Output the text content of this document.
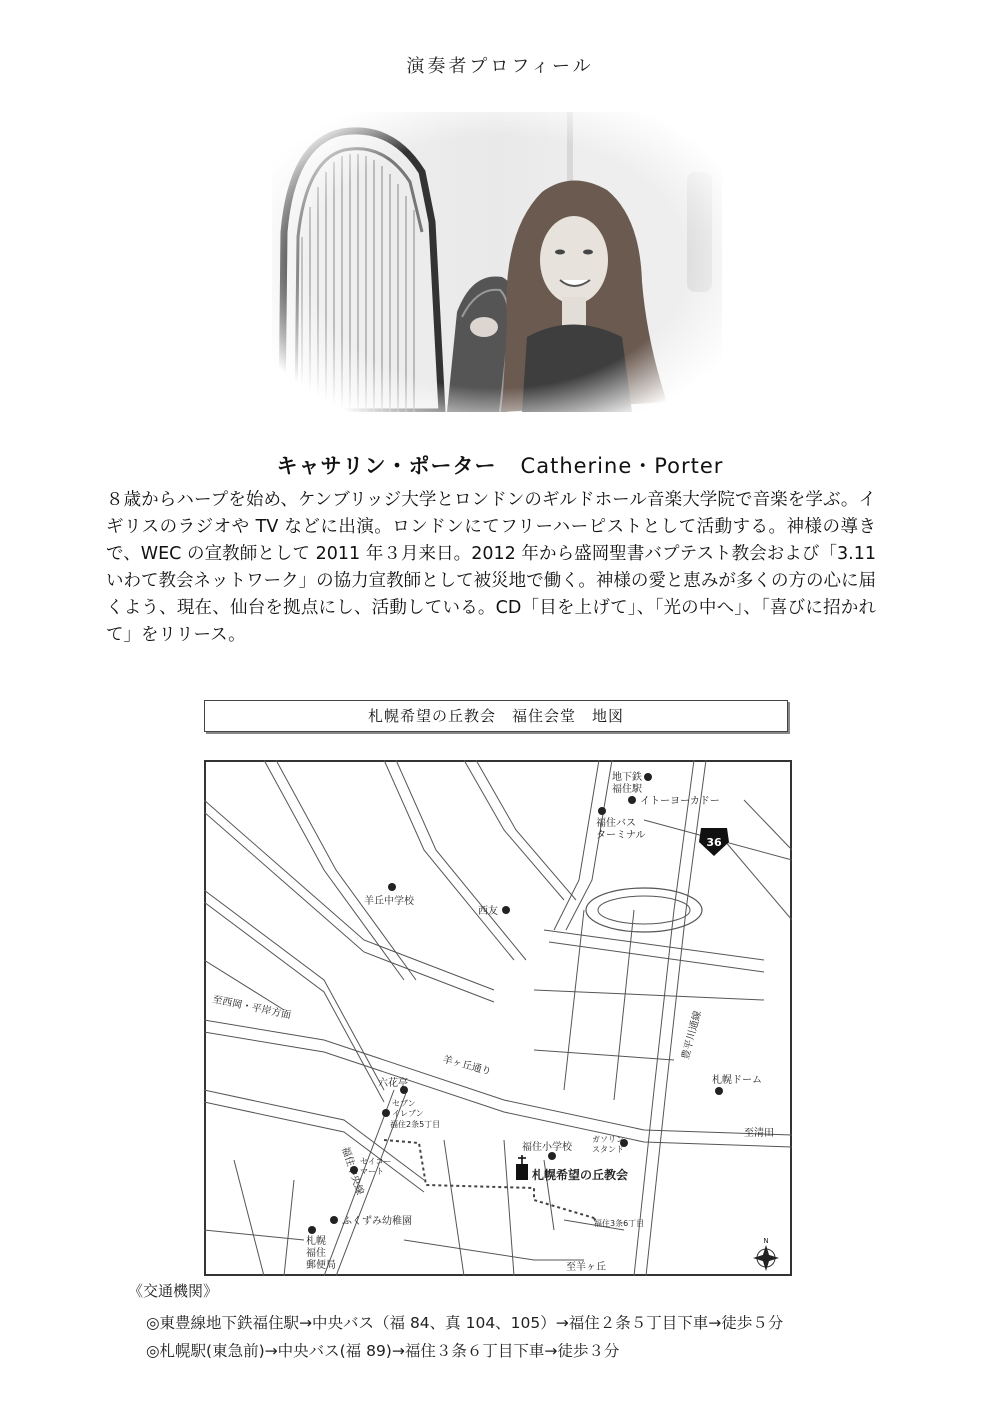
演奏者プロフィール
キャサリン・ポーター Catherine・Porter
８歳からハープを始め、ケンブリッジ大学とロンドンのギルドホール音楽大学院で音楽を学ぶ。イギリスのラジオや TV などに出演。ロンドンにてフリーハーピストとして活動する。神様の導きで、WEC の宣教師として 2011 年３月来日。2012 年から盛岡聖書バプテスト教会および「3.11 いわて教会ネットワーク」の協力宣教師として被災地で働く。神様の愛と恵みが多くの方の心に届くよう、現在、仙台を拠点にし、活動している。CD「目を上げて」、「光の中へ」、「喜びに招かれて」をリリース。
札幌希望の丘教会　福住会堂　地図
36
N
地下鉄
福住駅
イトーヨーカドー
福住バス
ターミナル
羊丘中学校
西友
至西岡・平岸方面
羊ヶ丘通り
六花亭
セブン
イレブン
福住2条5丁目
セイコー
マート
福住中央線	福住小学校
ガソリン
スタンド
札幌希望の丘教会
札幌ドーム
豊平川通線
至清田
福住3条6丁目
ふくずみ幼稚園
札幌
福住
郵便局	至羊ヶ丘
《交通機関》
◎東豊線地下鉄福住駅→中央バス（福 84、真 104、105）→福住２条５丁目下車→徒歩５分
◎札幌駅(東急前)→中央バス(福 89)→福住３条６丁目下車→徒歩３分
